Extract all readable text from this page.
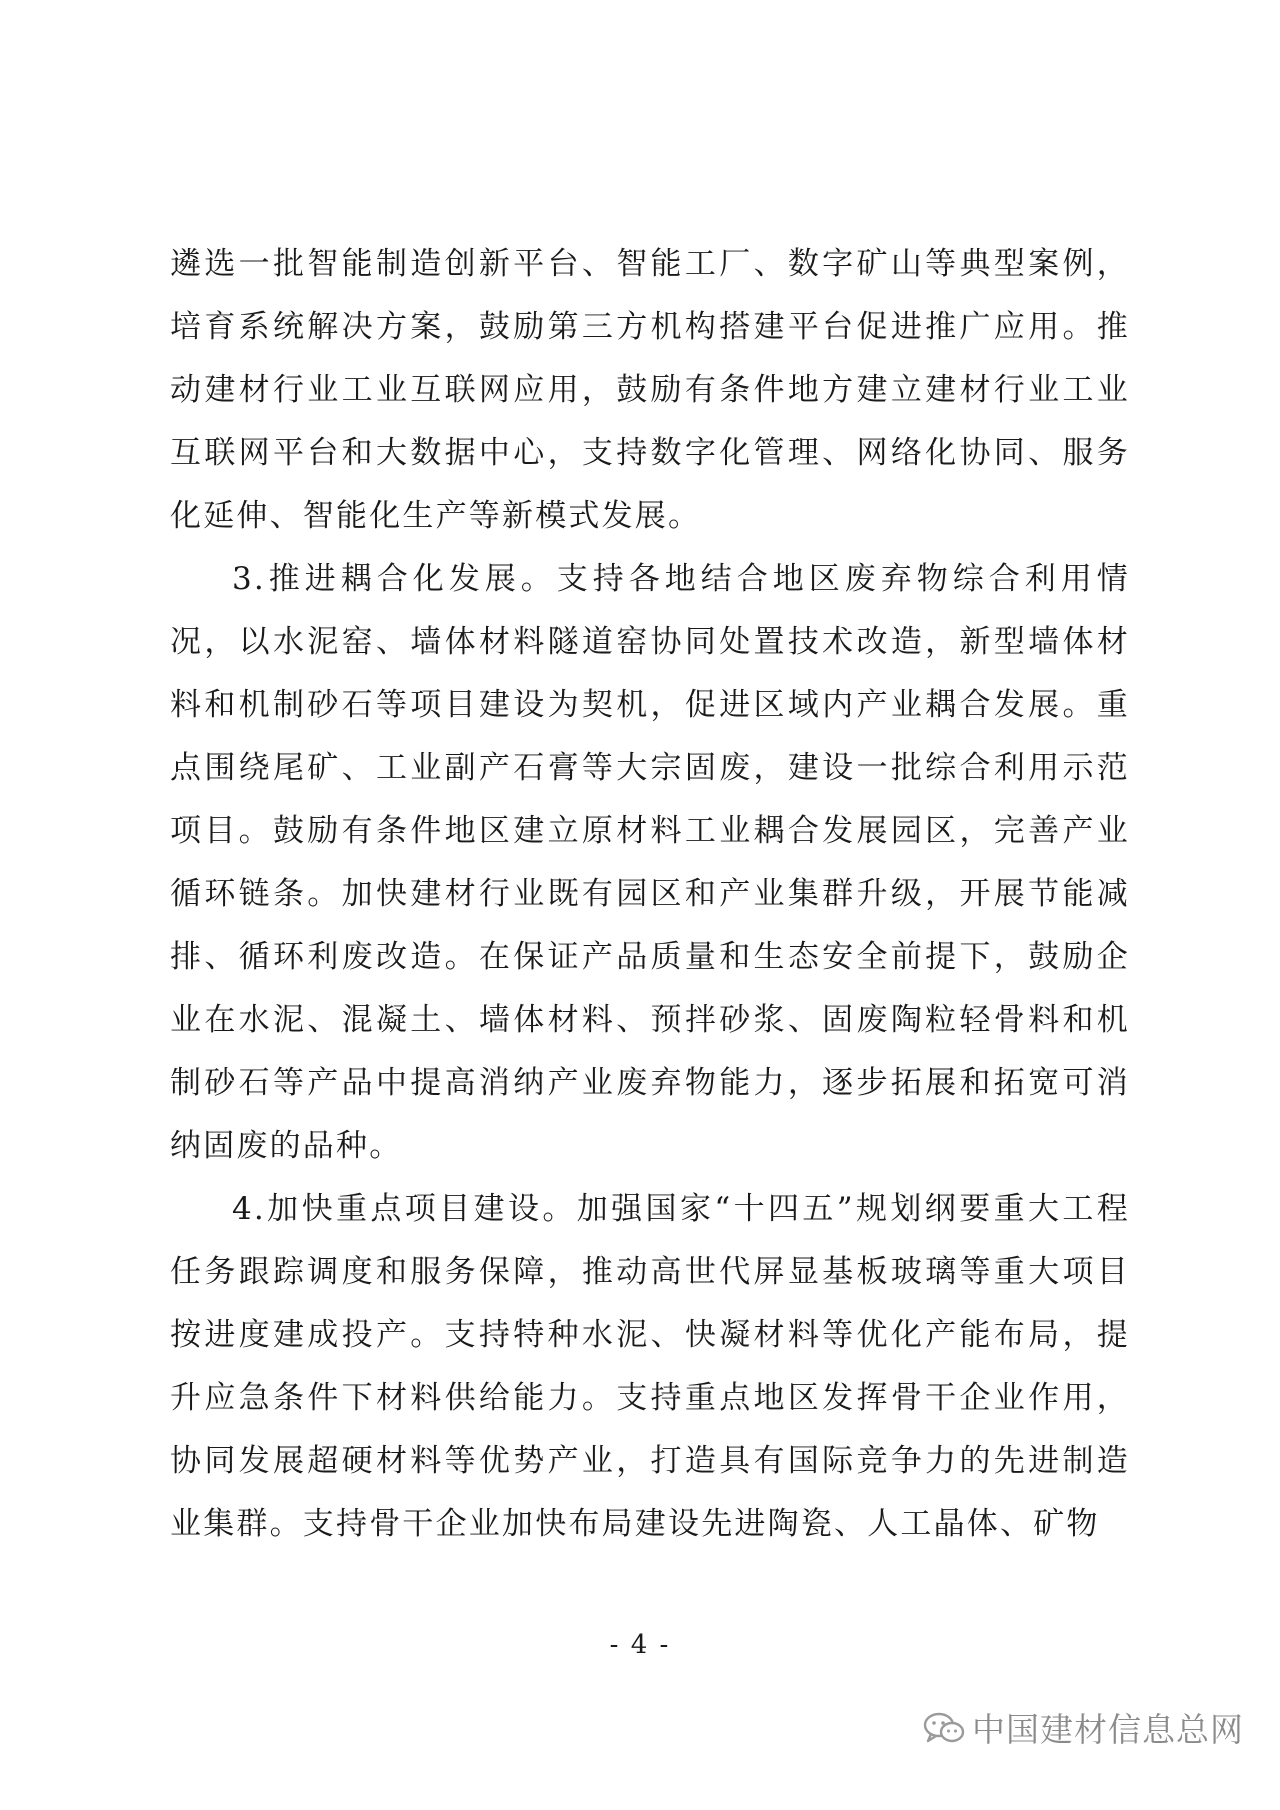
遴选一批智能制造创新平台、智能工厂、数字矿山等典型案例，
培育系统解决方案，鼓励第三方机构搭建平台促进推广应用。推
动建材行业工业互联网应用，鼓励有条件地方建立建材行业工业
互联网平台和大数据中心，支持数字化管理、网络化协同、服务
化延伸、智能化生产等新模式发展。
3.推进耦合化发展。支持各地结合地区废弃物综合利用情
况，以水泥窑、墙体材料隧道窑协同处置技术改造，新型墙体材
料和机制砂石等项目建设为契机，促进区域内产业耦合发展。重
点围绕尾矿、工业副产石膏等大宗固废，建设一批综合利用示范
项目。鼓励有条件地区建立原材料工业耦合发展园区，完善产业
循环链条。加快建材行业既有园区和产业集群升级，开展节能减
排、循环利废改造。在保证产品质量和生态安全前提下，鼓励企
业在水泥、混凝土、墙体材料、预拌砂浆、固废陶粒轻骨料和机
制砂石等产品中提高消纳产业废弃物能力，逐步拓展和拓宽可消
纳固废的品种。
4.加快重点项目建设。加强国家“十四五”规划纲要重大工程
任务跟踪调度和服务保障，推动高世代屏显基板玻璃等重大项目
按进度建成投产。支持特种水泥、快凝材料等优化产能布局，提
升应急条件下材料供给能力。支持重点地区发挥骨干企业作用，
协同发展超硬材料等优势产业，打造具有国际竞争力的先进制造
业集群。支持骨干企业加快布局建设先进陶瓷、人工晶体、矿物
- 4 -
中国建材信息总网
